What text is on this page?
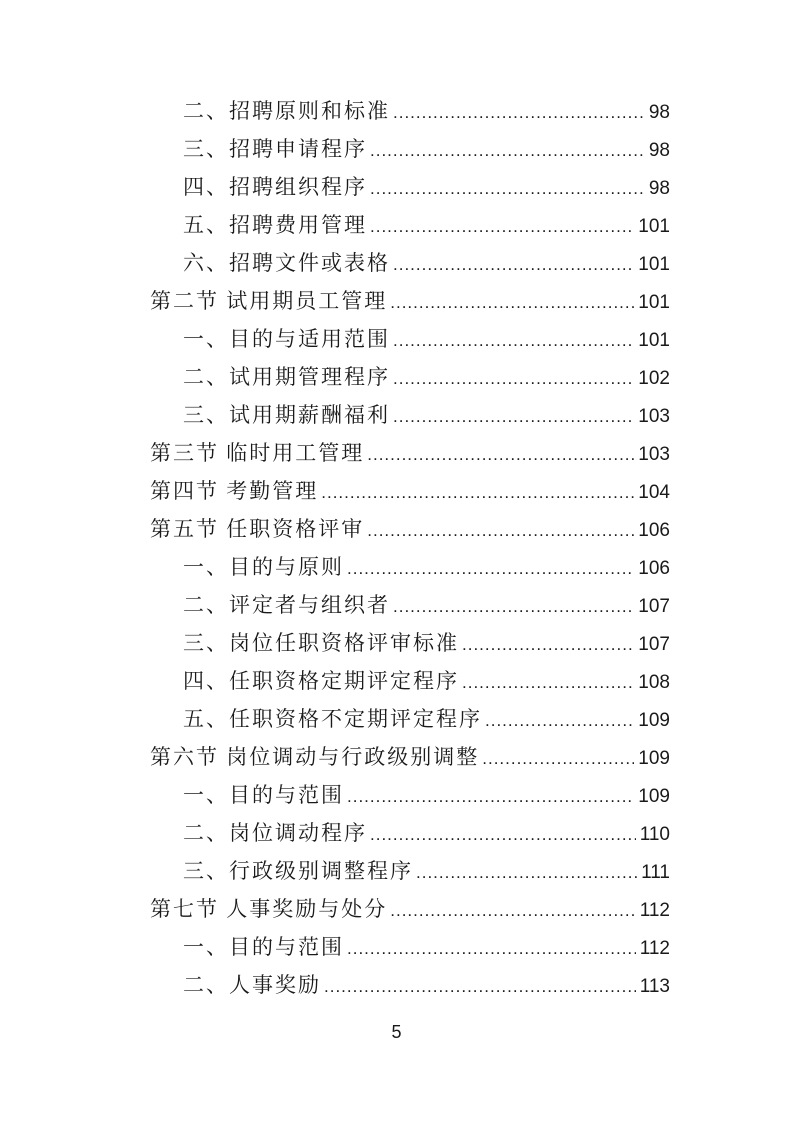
二、招聘原则和标准 .....	98
三、招聘申请程序 .....	98
四、招聘组织程序 .....	98
五、招聘费用管理 .....	101
六、招聘文件或表格 .....	101
第二节 试用期员工管理 .....	101
一、目的与适用范围 .....	101
二、试用期管理程序 .....	102
三、试用期薪酬福利 .....	103
第三节 临时用工管理 .....	103
第四节 考勤管理 .....	104
第五节 任职资格评审 .....	106
一、目的与原则 .....	106
二、评定者与组织者 .....	107
三、岗位任职资格评审标准 .....	107
四、任职资格定期评定程序 .....	108
五、任职资格不定期评定程序 .....	109
第六节 岗位调动与行政级别调整 .....	109
一、目的与范围 .....	109
二、岗位调动程序 .....	110
三、行政级别调整程序 .....	111
第七节 人事奖励与处分 .....	112
一、目的与范围 .....	112
二、人事奖励 .....	113
5
